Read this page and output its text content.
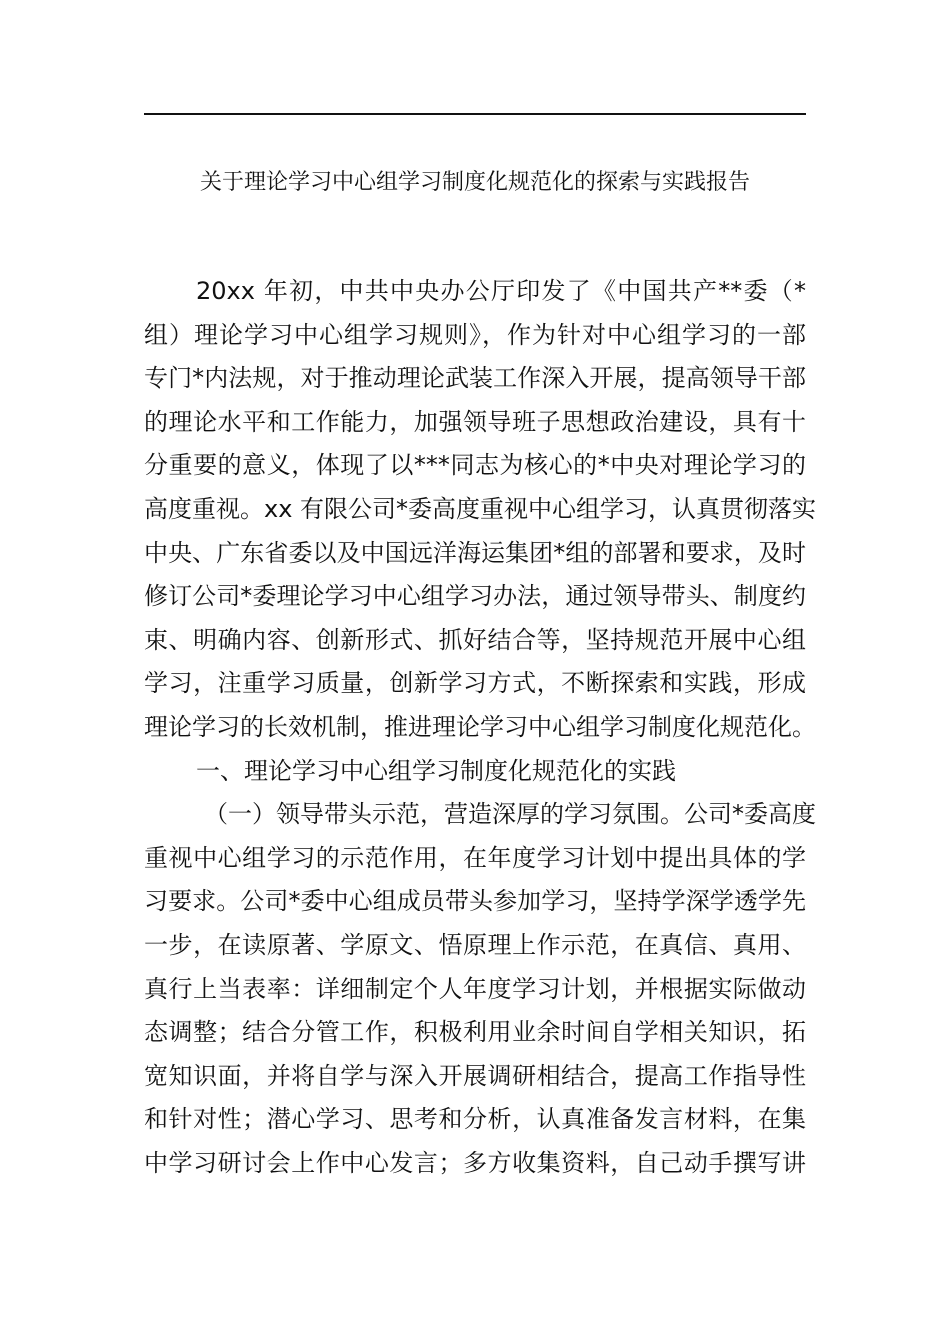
关于理论学习中心组学习制度化规范化的探索与实践报告
20xx 年初，中共中央办公厅印发了《中国共产**委（*
组）理论学习中心组学习规则》，作为针对中心组学习的一部
专门*内法规，对于推动理论武装工作深入开展，提高领导干部
的理论水平和工作能力，加强领导班子思想政治建设，具有十
分重要的意义，体现了以***同志为核心的*中央对理论学习的
高度重视。xx 有限公司*委高度重视中心组学习，认真贯彻落实
中央、广东省委以及中国远洋海运集团*组的部署和要求，及时
修订公司*委理论学习中心组学习办法，通过领导带头、制度约
束、明确内容、创新形式、抓好结合等，坚持规范开展中心组
学习，注重学习质量，创新学习方式，不断探索和实践，形成
理论学习的长效机制，推进理论学习中心组学习制度化规范化。
一、理论学习中心组学习制度化规范化的实践
（一）领导带头示范，营造深厚的学习氛围。公司*委高度
重视中心组学习的示范作用，在年度学习计划中提出具体的学
习要求。公司*委中心组成员带头参加学习，坚持学深学透学先
一步，在读原著、学原文、悟原理上作示范，在真信、真用、
真行上当表率：详细制定个人年度学习计划，并根据实际做动
态调整；结合分管工作，积极利用业余时间自学相关知识，拓
宽知识面，并将自学与深入开展调研相结合，提高工作指导性
和针对性；潜心学习、思考和分析，认真准备发言材料，在集
中学习研讨会上作中心发言；多方收集资料，自己动手撰写讲
